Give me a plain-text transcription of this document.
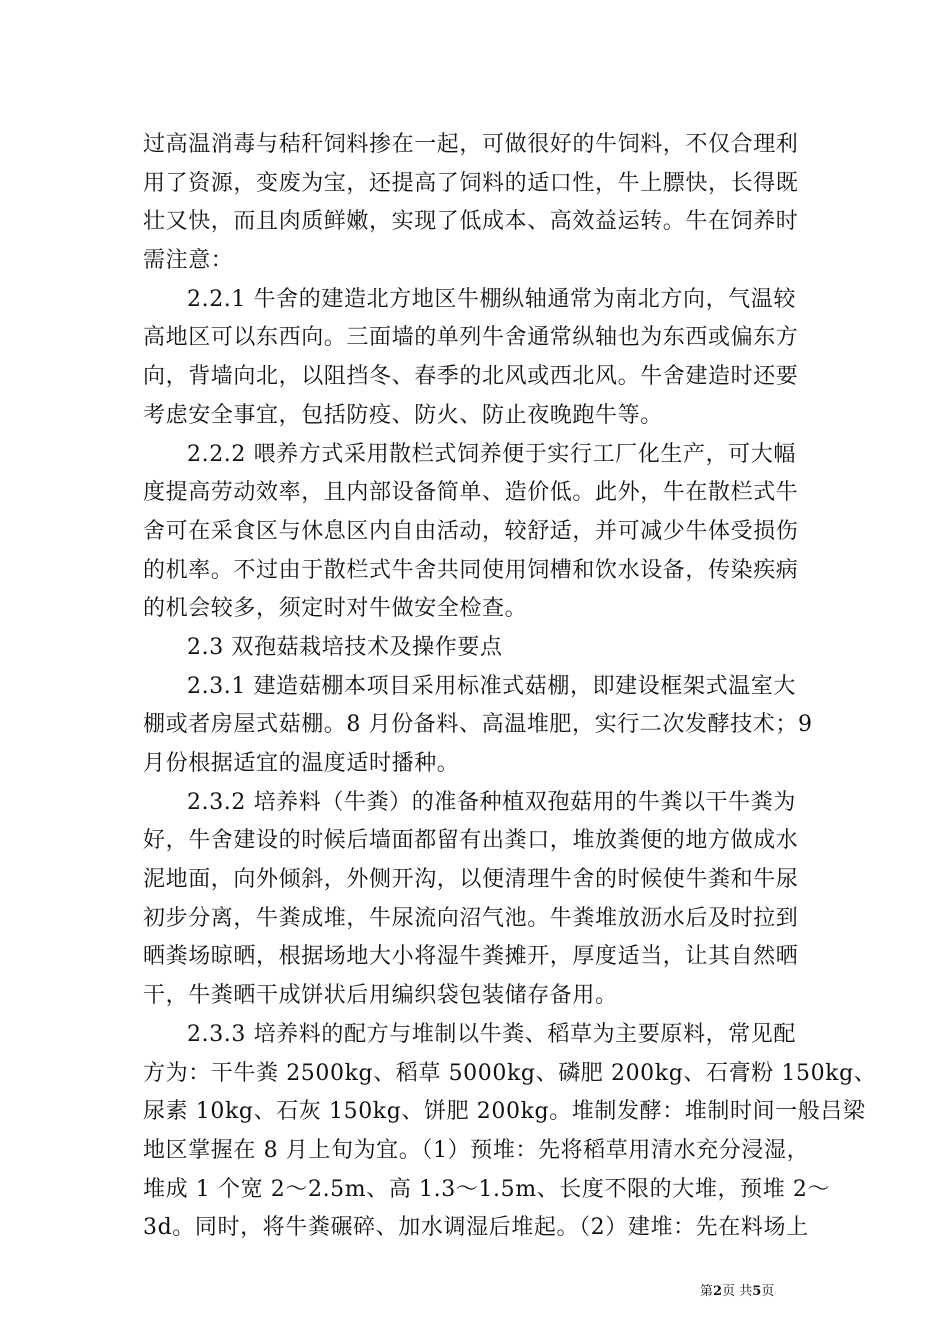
过高温消毒与秸秆饲料掺在一起，可做很好的牛饲料，不仅合理利
用了资源，变废为宝，还提高了饲料的适口性，牛上膘快，长得既
壮又快，而且肉质鲜嫩，实现了低成本、高效益运转。牛在饲养时
需注意：
2.2.1 牛舍的建造北方地区牛棚纵轴通常为南北方向，气温较
高地区可以东西向。三面墙的单列牛舍通常纵轴也为东西或偏东方
向，背墙向北，以阻挡冬、春季的北风或西北风。牛舍建造时还要
考虑安全事宜，包括防疫、防火、防止夜晚跑牛等。
2.2.2 喂养方式采用散栏式饲养便于实行工厂化生产，可大幅
度提高劳动效率，且内部设备简单、造价低。此外，牛在散栏式牛
舍可在采食区与休息区内自由活动，较舒适，并可减少牛体受损伤
的机率。不过由于散栏式牛舍共同使用饲槽和饮水设备，传染疾病
的机会较多，须定时对牛做安全检查。
2.3 双孢菇栽培技术及操作要点
2.3.1 建造菇棚本项目采用标准式菇棚，即建设框架式温室大
棚或者房屋式菇棚。8 月份备料、高温堆肥，实行二次发酵技术；9
月份根据适宜的温度适时播种。
2.3.2 培养料（牛粪）的准备种植双孢菇用的牛粪以干牛粪为
好，牛舍建设的时候后墙面都留有出粪口，堆放粪便的地方做成水
泥地面，向外倾斜，外侧开沟，以便清理牛舍的时候使牛粪和牛尿
初步分离，牛粪成堆，牛尿流向沼气池。牛粪堆放沥水后及时拉到
晒粪场晾晒，根据场地大小将湿牛粪摊开，厚度适当，让其自然晒
干，牛粪晒干成饼状后用编织袋包装储存备用。
2.3.3 培养料的配方与堆制以牛粪、稻草为主要原料，常见配
方为：干牛粪 2500kg、稻草 5000kg、磷肥 200kg、石膏粉 150kg、
尿素 10kg、石灰 150kg、饼肥 200kg。堆制发酵：堆制时间一般吕梁
地区掌握在 8 月上旬为宜。（1）预堆：先将稻草用清水充分浸湿，
堆成 1 个宽 2～2.5m、高 1.3～1.5m、长度不限的大堆，预堆 2～
3d。同时，将牛粪碾碎、加水调湿后堆起。（2）建堆：先在料场上
第2页 共5页
